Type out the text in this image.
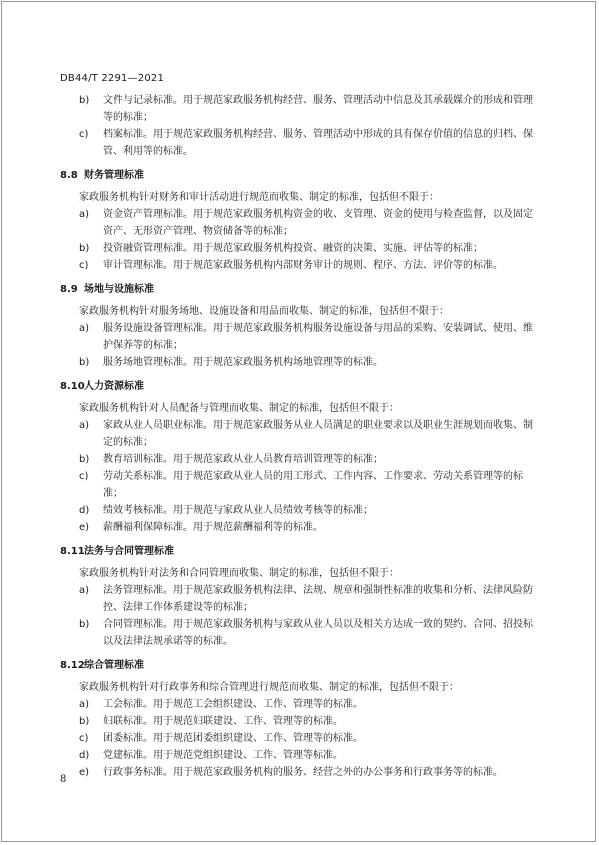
DB44/T 2291—2021
b)	文件与记录标准。用于规范家政服务机构经营、服务、管理活动中信息及其承载媒介的形成和管理等的标准；
c)	档案标准。用于规范家政服务机构经营、服务、管理活动中形成的具有保存价值的信息的归档、保管、利用等的标准。
8.8 财务管理标准
家政服务机构针对财务和审计活动进行规范而收集、制定的标准，包括但不限于：
a)	资金资产管理标准。用于规范家政服务机构资金的收、支管理、资金的使用与检查监督，以及固定资产、无形资产管理、物资储备等的标准；
b)	投资融资管理标准。用于规范家政服务机构投资、融资的决策、实施、评估等的标准；
c)	审计管理标准。用于规范家政服务机构内部财务审计的规则、程序、方法、评价等的标准。
8.9 场地与设施标准
家政服务机构针对服务场地、设施设备和用品而收集、制定的标准，包括但不限于：
a)	服务设施设备管理标准。用于规范家政服务机构服务设施设备与用品的采购、安装调试、使用、维护保养等的标准；
b)	服务场地管理标准。用于规范家政服务机构场地管理等的标准。
8.10人力资源标准
家政服务机构针对人员配备与管理而收集、制定的标准，包括但不限于：
a)	家政从业人员职业标准。用于规范家政服务从业人员满足的职业要求以及职业生涯规划而收集、制定的标准；
b)	教育培训标准。用于规范家政从业人员教育培训管理等的标准；
c)	劳动关系标准。用于规范家政从业人员的用工形式、工作内容、工作要求、劳动关系管理等的标准；
d)	绩效考核标准。用于规范与家政从业人员绩效考核等的标准；
e)	薪酬福利保障标准。用于规范薪酬福利等的标准。
8.11法务与合同管理标准
家政服务机构针对法务和合同管理而收集、制定的标准，包括但不限于：
a)	法务管理标准。用于规范家政服务机构法律、法规、规章和强制性标准的收集和分析、法律风险防控、法律工作体系建设等的标准；
b)	合同管理标准。用于规范家政服务机构与家政从业人员以及相关方达成一致的契约、合同、招投标以及法律法规承诺等的标准。
8.12综合管理标准
家政服务机构针对行政事务和综合管理进行规范而收集、制定的标准，包括但不限于：
a)	工会标准。用于规范工会组织建设、工作、管理等的标准。
b)	妇联标准。用于规范妇联建设、工作、管理等的标准。
c)	团委标准。用于规范团委组织建设、工作、管理等的标准。
d)	党建标准。用于规范党组织建设、工作、管理等标准。
e)	行政事务标准。用于规范家政服务机构的服务、经营之外的办公事务和行政事务等的标准。
8
